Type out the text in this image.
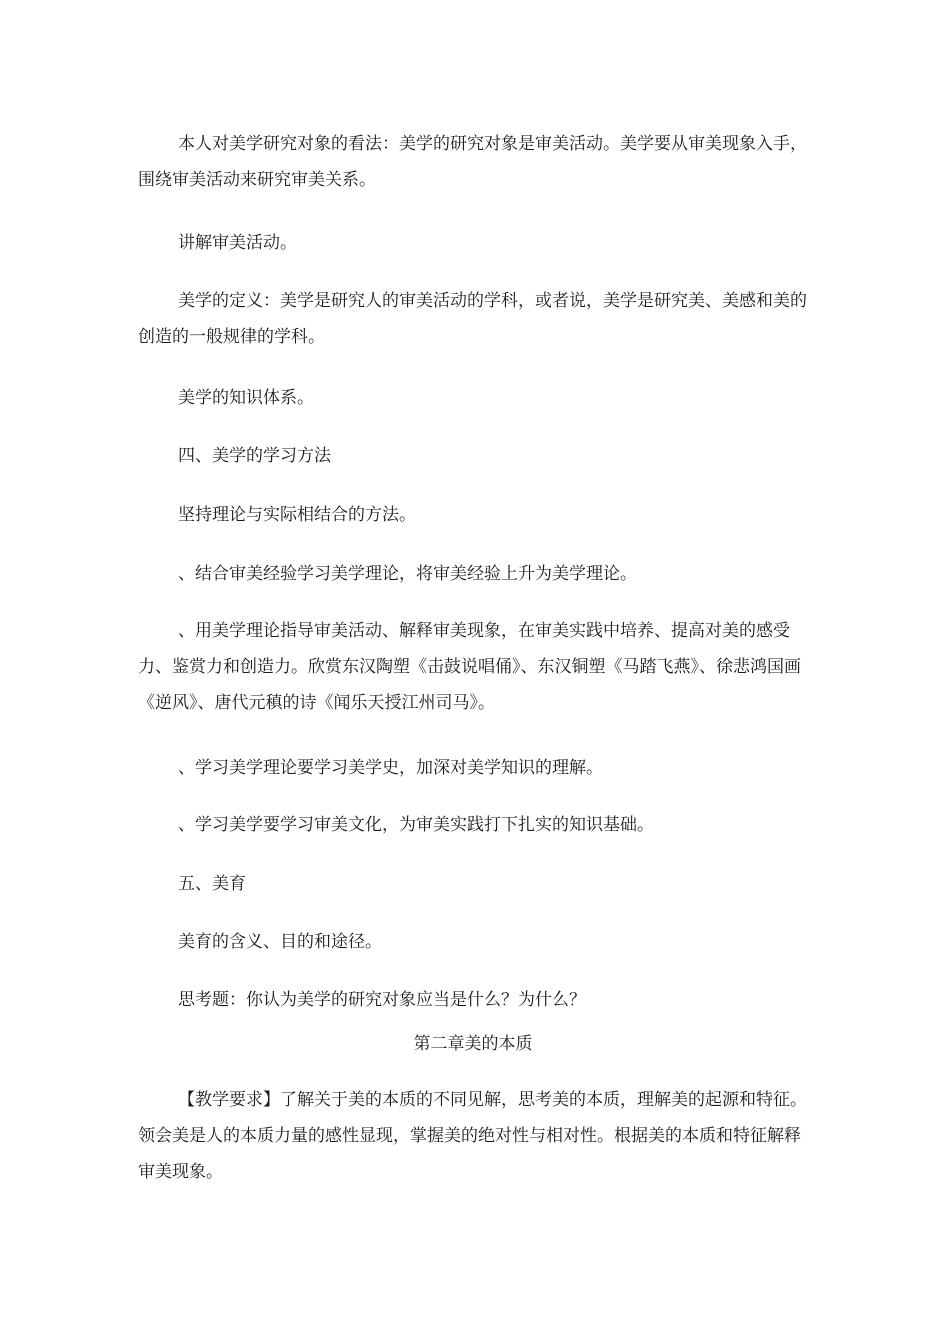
本人对美学研究对象的看法：美学的研究对象是审美活动。美学要从审美现象入手，围绕审美活动来研究审美关系。

讲解审美活动。

美学的定义：美学是研究人的审美活动的学科，或者说，美学是研究美、美感和美的创造的一般规律的学科。

美学的知识体系。

四、美学的学习方法

坚持理论与实际相结合的方法。

、结合审美经验学习美学理论，将审美经验上升为美学理论。

、用美学理论指导审美活动、解释审美现象，在审美实践中培养、提高对美的感受力、鉴赏力和创造力。欣赏东汉陶塑《击鼓说唱俑》、东汉铜塑《马踏飞燕》、徐悲鸿国画《逆风》、唐代元稹的诗《闻乐天授江州司马》。

、学习美学理论要学习美学史，加深对美学知识的理解。

、学习美学要学习审美文化，为审美实践打下扎实的知识基础。

五、美育

美育的含义、目的和途径。

思考题：你认为美学的研究对象应当是什么？为什么？

第二章美的本质

【教学要求】了解关于美的本质的不同见解，思考美的本质，理解美的起源和特征。领会美是人的本质力量的感性显现，掌握美的绝对性与相对性。根据美的本质和特征解释审美现象。
